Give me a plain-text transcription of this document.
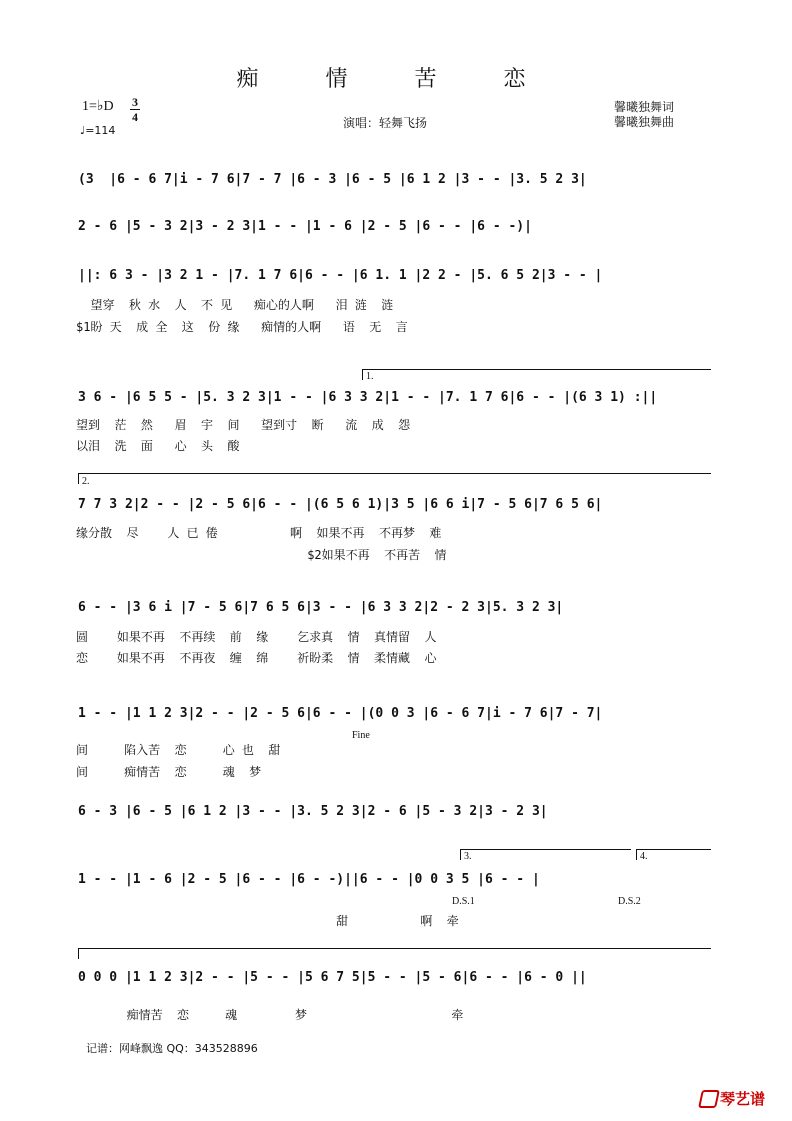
痴 情 苦 恋
1=♭D 3
4
♩=114
演唱：轻舞飞扬
馨曦独舞词
馨曦独舞曲
(3  |6 - 6 7|i - 7 6|7 - 7 |6 - 3 |6 - 5 |6 1 2 |3 - - |3. 5 2 3|
2 - 6 |5 - 3 2|3 - 2 3|1 - - |1 - 6 |2 - 5 |6 - - |6 - -)|
||: 6 3 - |3 2 1 - |7. 1 7 6|6 - - |6 1. 1 |2 2 - |5. 6 5 2|3 - - |
望穿  秋 水  人  不 见   痴心的人啊   泪 涟  涟
$1盼 天  成 全  这  份 缘   痴情的人啊   语  无  言
1.
3 6 - |6 5 5 - |5. 3 2 3|1 - - |6 3 3 2|1 - - |7. 1 7 6|6 - - |(6 3 1) :||
望到  茫  然   眉  宇  间   望到寸  断   流  成  怨
以泪  洗  面   心  头  酸
2.
7 7 3 2|2 - - |2 - 5 6|6 - - |(6 5 6 1)|3 5 |6 6 i|7 - 5 6|7 6 5 6|
缘分散  尽    人 已 倦          啊  如果不再  不再梦  难
$2如果不再  不再苦  情
6 - - |3 6 i |7 - 5 6|7 6 5 6|3 - - |6 3 3 2|2 - 2 3|5. 3 2 3|
圆    如果不再  不再续  前  缘    乞求真  情  真情留  人
恋    如果不再  不再夜  缠  绵    祈盼柔  情  柔情藏  心
1 - - |1 1 2 3|2 - - |2 - 5 6|6 - - |(0 0 3 |6 - 6 7|i - 7 6|7 - 7|
Fine
间     陷入苦  恋     心 也  甜
间     痴情苦  恋     魂  梦
6 - 3 |6 - 5 |6 1 2 |3 - - |3. 5 2 3|2 - 6 |5 - 3 2|3 - 2 3|
3.	4.
1 - - |1 - 6 |2 - 5 |6 - - |6 - -)||6 - - |0 0 3 5 |6 - - |
D.S.1	D.S.2
甜          啊  牵
0 0 0 |1 1 2 3|2 - - |5 - - |5 6 7 5|5 - - |5 - 6|6 - - |6 - 0 ||
痴情苦  恋     魂        梦                    牵
记谱：网峰飘逸 QQ：343528896
琴艺谱
